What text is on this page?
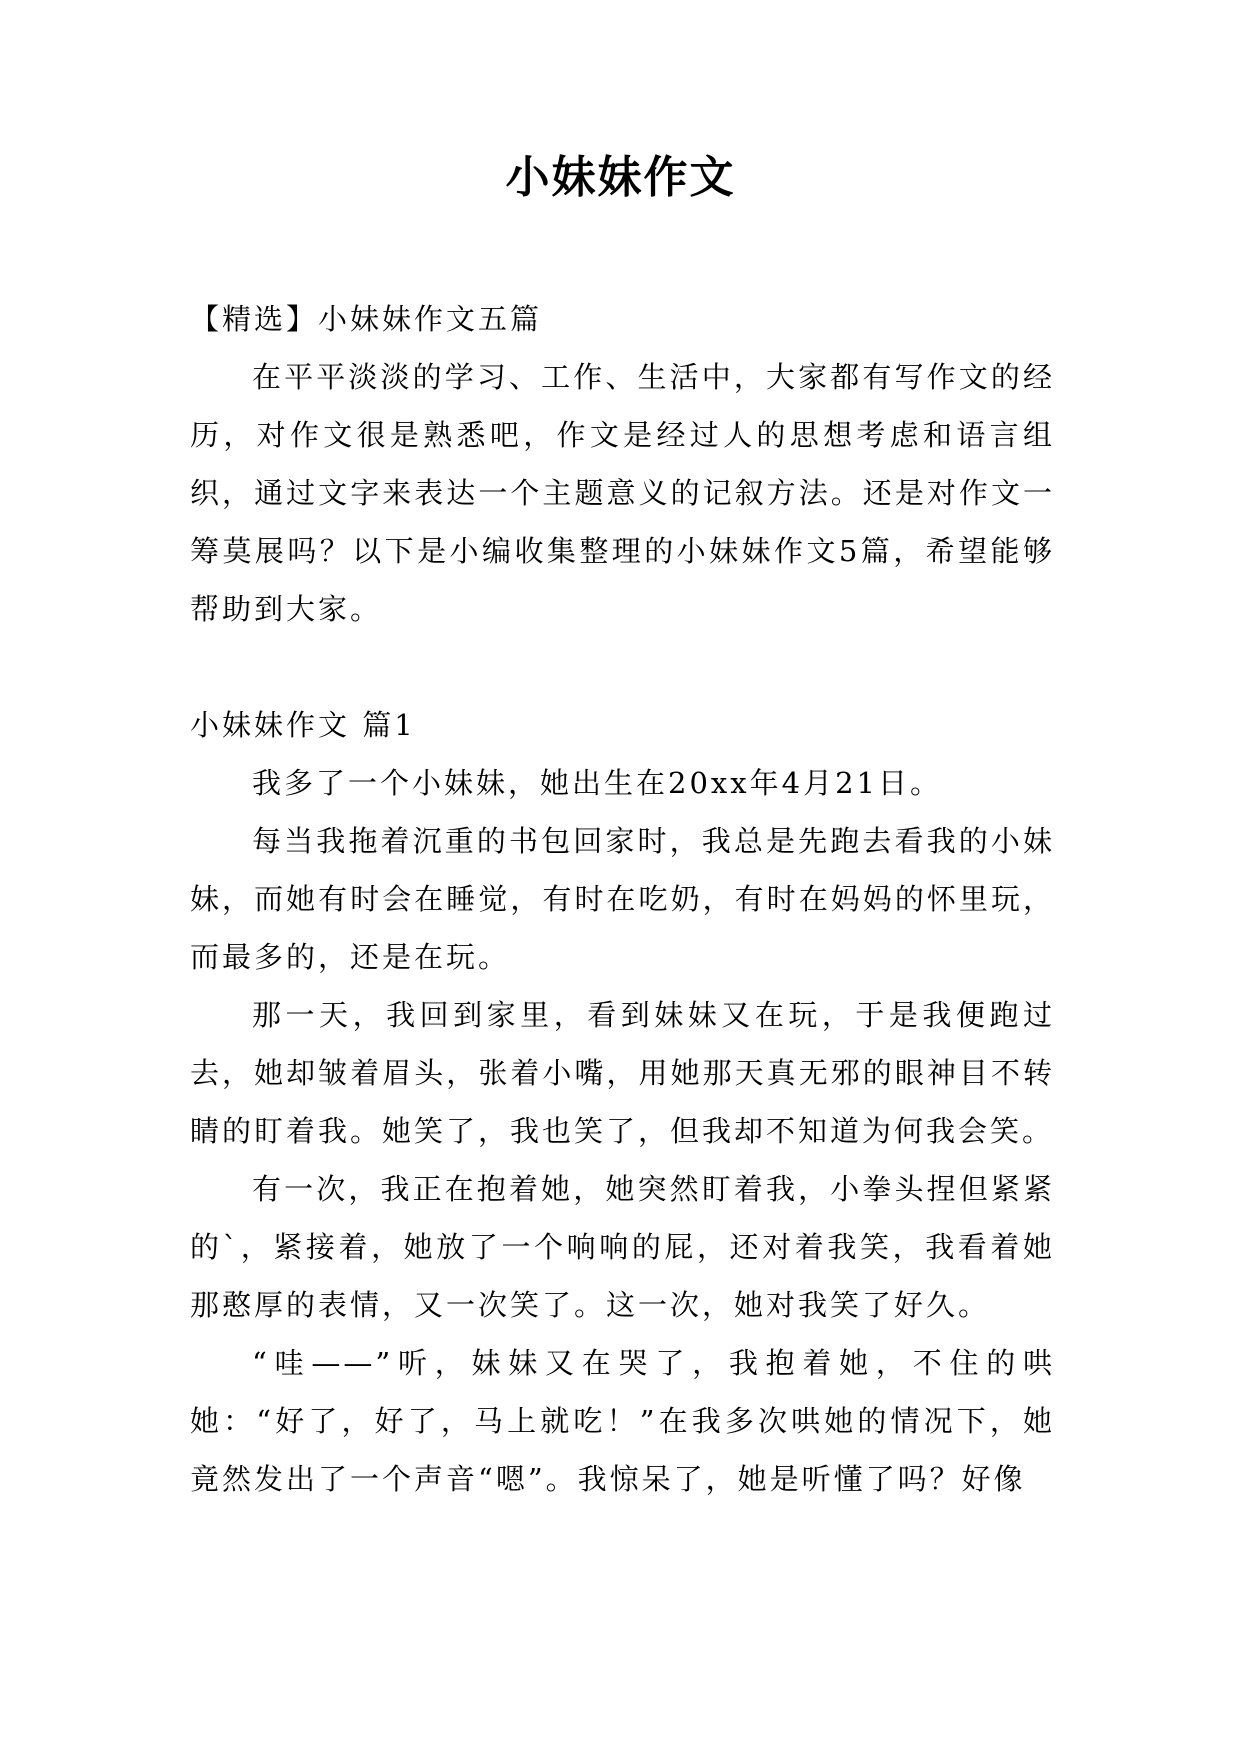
小妹妹作文

【精选】小妹妹作文五篇

在平平淡淡的学习、工作、生活中，大家都有写作文的经历，对作文很是熟悉吧，作文是经过人的思想考虑和语言组织，通过文字来表达一个主题意义的记叙方法。还是对作文一筹莫展吗？以下是小编收集整理的小妹妹作文5篇，希望能够帮助到大家。

小妹妹作文 篇1

我多了一个小妹妹，她出生在20xx年4月21日。

每当我拖着沉重的书包回家时，我总是先跑去看我的小妹妹，而她有时会在睡觉，有时在吃奶，有时在妈妈的怀里玩，而最多的，还是在玩。

那一天，我回到家里，看到妹妹又在玩，于是我便跑过去，她却皱着眉头，张着小嘴，用她那天真无邪的眼神目不转睛的盯着我。她笑了，我也笑了，但我却不知道为何我会笑。

有一次，我正在抱着她，她突然盯着我，小拳头捏但紧紧的`，紧接着，她放了一个响响的屁，还对着我笑，我看着她那憨厚的表情，又一次笑了。这一次，她对我笑了好久。

“哇——”听，妹妹又在哭了，我抱着她，不住的哄她：“好了，好了，马上就吃！”在我多次哄她的情况下，她竟然发出了一个声音“嗯”。我惊呆了，她是听懂了吗？好像
